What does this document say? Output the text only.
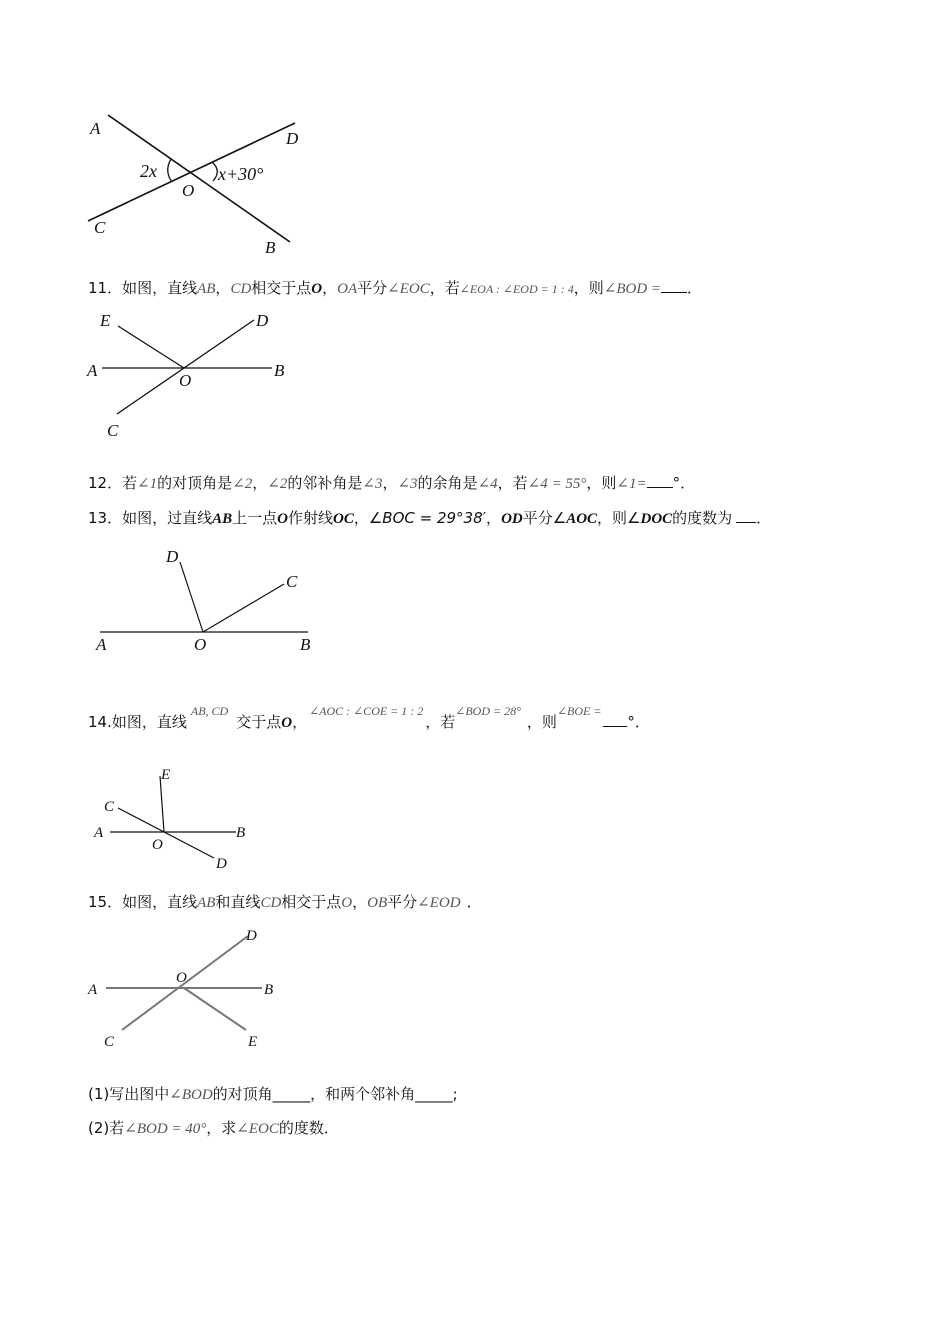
A
D
2x
O
x+30°
C
B
11．如图，直线AB，CD相交于点O，OA平分∠EOC，若∠EOA : ∠EOD = 1 : 4，则∠BOD = ．
E	D
A
O
B
C
12．若∠1的对顶角是∠2，∠2的邻补角是∠3，∠3的余角是∠4，若∠4 = 55°，则∠1= °．
13．如图，过直线AB上一点O作射线OC，∠BOC = 29°38′，OD平分∠AOC，则∠DOC的度数为 ．
D
C
A	O	B
14.如图，直线$^{AB, CD}$交于点O，$^{\angle AOC : \angle COE = 1 : 2}$，若$^{\angle BOD = 28^\circ}$，则$^{\angle BOE =}$°．
E
C
A	B
O
D
15．如图，直线AB和直线CD相交于点O，OB平分∠EOD ．
D
O
A	B
C	E
(1)写出图中∠BOD的对顶角_____，和两个邻补角_____;
(2)若∠BOD = 40°，求∠EOC的度数．
